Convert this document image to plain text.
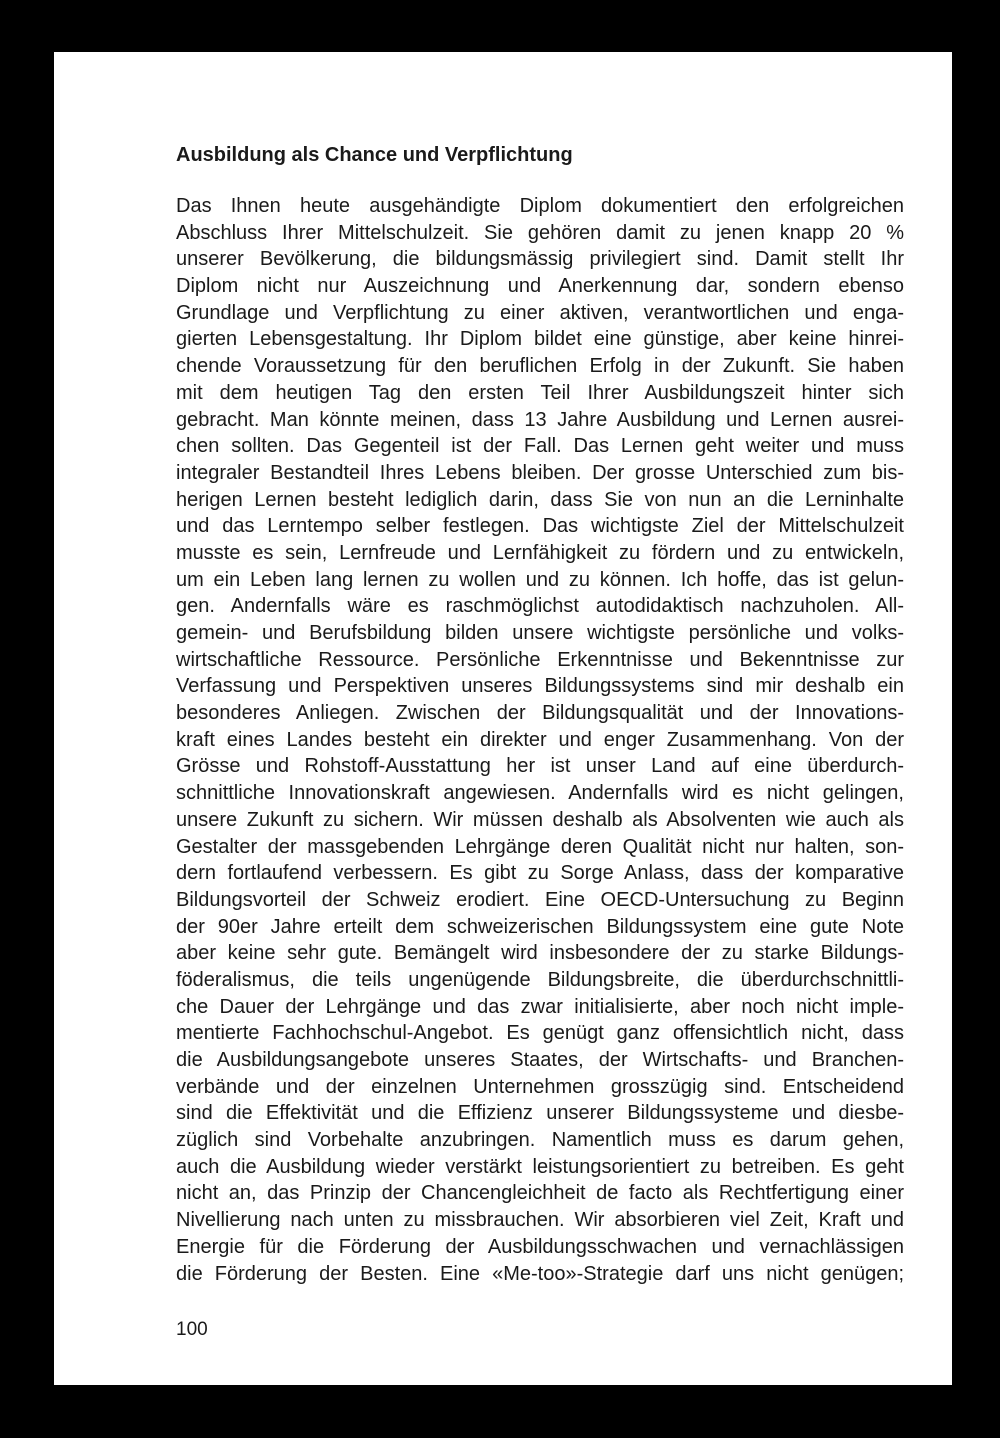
Ausbildung als Chance und Verpflichtung
Das Ihnen heute ausgehändigte Diplom dokumentiert den erfolgreichen
Abschluss Ihrer Mittelschulzeit. Sie gehören damit zu jenen knapp 20 %
unserer Bevölkerung, die bildungsmässig privilegiert sind. Damit stellt Ihr
Diplom nicht nur Auszeichnung und Anerkennung dar, sondern ebenso
Grundlage und Verpflichtung zu einer aktiven, verantwortlichen und enga-
gierten Lebensgestaltung. Ihr Diplom bildet eine günstige, aber keine hinrei-
chende Voraussetzung für den beruflichen Erfolg in der Zukunft. Sie haben
mit dem heutigen Tag den ersten Teil Ihrer Ausbildungszeit hinter sich
gebracht. Man könnte meinen, dass 13 Jahre Ausbildung und Lernen ausrei-
chen sollten. Das Gegenteil ist der Fall. Das Lernen geht weiter und muss
integraler Bestandteil Ihres Lebens bleiben. Der grosse Unterschied zum bis-
herigen Lernen besteht lediglich darin, dass Sie von nun an die Lerninhalte
und das Lerntempo selber festlegen. Das wichtigste Ziel der Mittelschulzeit
musste es sein, Lernfreude und Lernfähigkeit zu fördern und zu entwickeln,
um ein Leben lang lernen zu wollen und zu können. Ich hoffe, das ist gelun-
gen. Andernfalls wäre es raschmöglichst autodidaktisch nachzuholen. All-
gemein- und Berufsbildung bilden unsere wichtigste persönliche und volks-
wirtschaftliche Ressource. Persönliche Erkenntnisse und Bekenntnisse zur
Verfassung und Perspektiven unseres Bildungssystems sind mir deshalb ein
besonderes Anliegen. Zwischen der Bildungsqualität und der Innovations-
kraft eines Landes besteht ein direkter und enger Zusammenhang. Von der
Grösse und Rohstoff-Ausstattung her ist unser Land auf eine überdurch-
schnittliche Innovationskraft angewiesen. Andernfalls wird es nicht gelingen,
unsere Zukunft zu sichern. Wir müssen deshalb als Absolventen wie auch als
Gestalter der massgebenden Lehrgänge deren Qualität nicht nur halten, son-
dern fortlaufend verbessern. Es gibt zu Sorge Anlass, dass der komparative
Bildungsvorteil der Schweiz erodiert. Eine OECD-Untersuchung zu Beginn
der 90er Jahre erteilt dem schweizerischen Bildungssystem eine gute Note
aber keine sehr gute. Bemängelt wird insbesondere der zu starke Bildungs-
föderalismus, die teils ungenügende Bildungsbreite, die überdurchschnittli-
che Dauer der Lehrgänge und das zwar initialisierte, aber noch nicht imple-
mentierte Fachhochschul-Angebot. Es genügt ganz offensichtlich nicht, dass
die Ausbildungsangebote unseres Staates, der Wirtschafts- und Branchen-
verbände und der einzelnen Unternehmen grosszügig sind. Entscheidend
sind die Effektivität und die Effizienz unserer Bildungssysteme und diesbe-
züglich sind Vorbehalte anzubringen. Namentlich muss es darum gehen,
auch die Ausbildung wieder verstärkt leistungsorientiert zu betreiben. Es geht
nicht an, das Prinzip der Chancengleichheit de facto als Rechtfertigung einer
Nivellierung nach unten zu missbrauchen. Wir absorbieren viel Zeit, Kraft und
Energie für die Förderung der Ausbildungsschwachen und vernachlässigen
die Förderung der Besten. Eine «Me-too»-Strategie darf uns nicht genügen;
100
